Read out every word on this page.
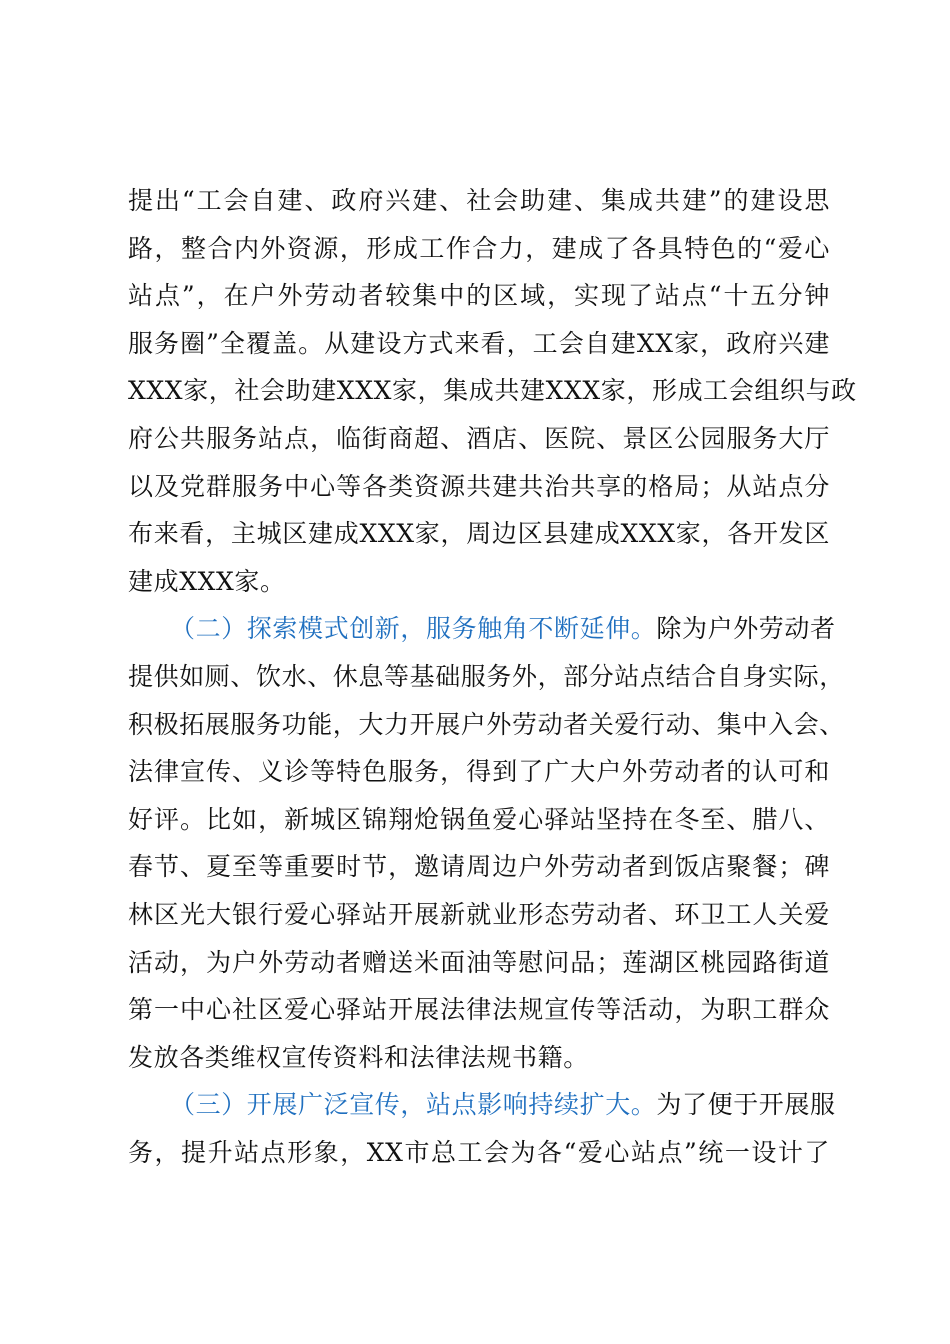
提出“工会自建、政府兴建、社会助建、集成共建”的建设思
路，整合内外资源，形成工作合力，建成了各具特色的“爱心
站点”，在户外劳动者较集中的区域，实现了站点“十五分钟
服务圈”全覆盖。从建设方式来看，工会自建XX家，政府兴建
XXX家，社会助建XXX家，集成共建XXX家，形成工会组织与政
府公共服务站点，临街商超、酒店、医院、景区公园服务大厅
以及党群服务中心等各类资源共建共治共享的格局；从站点分
布来看，主城区建成XXX家，周边区县建成XXX家，各开发区
建成XXX家。

（二）探索模式创新，服务触角不断延伸。除为户外劳动者
提供如厕、饮水、休息等基础服务外，部分站点结合自身实际，
积极拓展服务功能，大力开展户外劳动者关爱行动、集中入会、
法律宣传、义诊等特色服务，得到了广大户外劳动者的认可和
好评。比如，新城区锦翔炝锅鱼爱心驿站坚持在冬至、腊八、
春节、夏至等重要时节，邀请周边户外劳动者到饭店聚餐；碑
林区光大银行爱心驿站开展新就业形态劳动者、环卫工人关爱
活动，为户外劳动者赠送米面油等慰问品；莲湖区桃园路街道
第一中心社区爱心驿站开展法律法规宣传等活动，为职工群众
发放各类维权宣传资料和法律法规书籍。

（三）开展广泛宣传，站点影响持续扩大。为了便于开展服
务，提升站点形象，XX市总工会为各“爱心站点”统一设计了
